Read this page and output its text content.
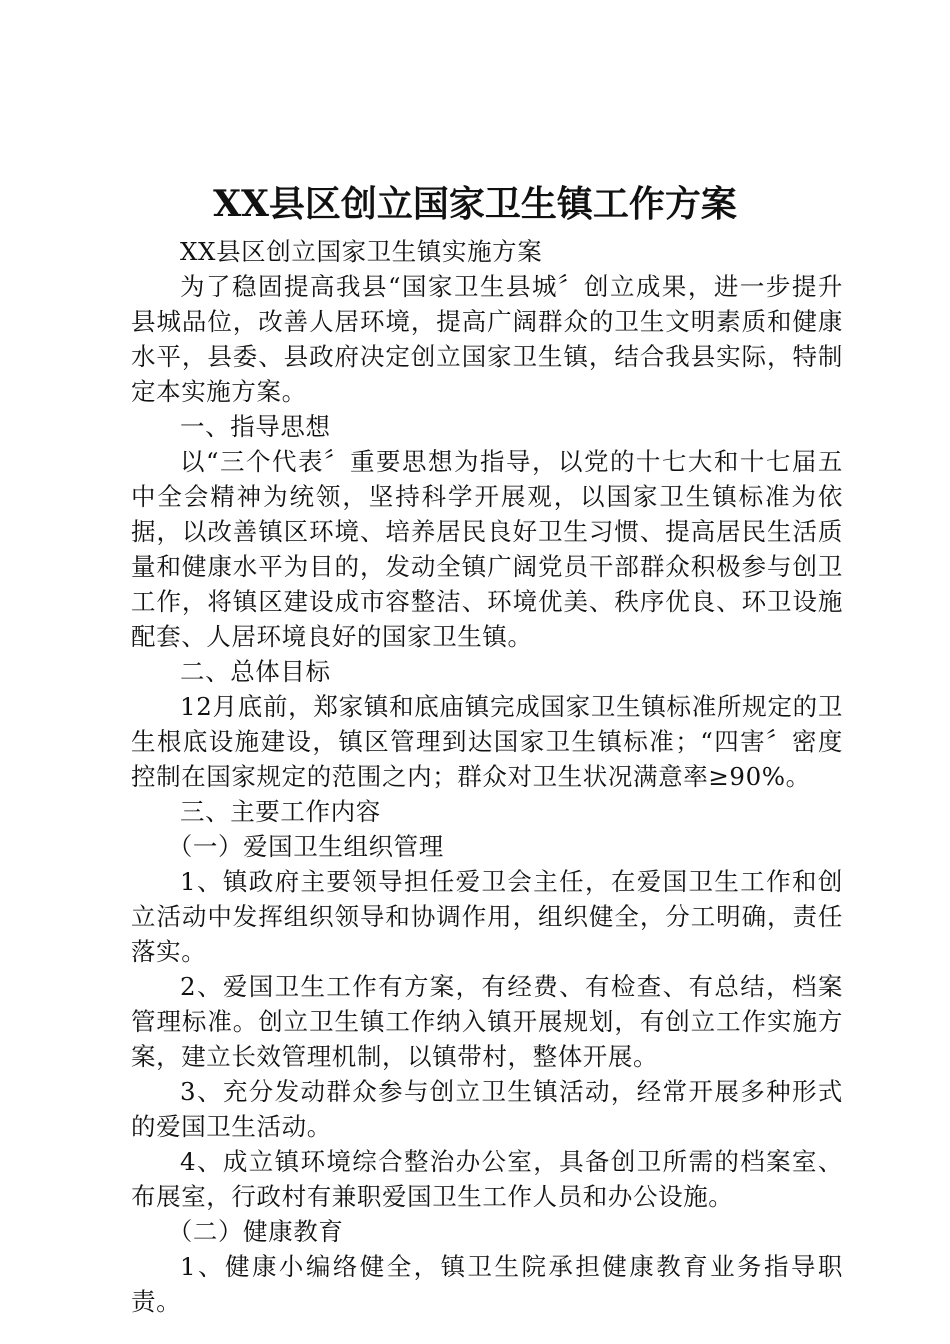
XX县区创立国家卫生镇工作方案

XX县区创立国家卫生镇实施方案

为了稳固提高我县“国家卫生县城〞创立成果，进一步提升县城品位，改善人居环境，提高广阔群众的卫生文明素质和健康水平，县委、县政府决定创立国家卫生镇，结合我县实际，特制定本实施方案。

一、指导思想

以“三个代表〞重要思想为指导，以党的十七大和十七届五中全会精神为统领，坚持科学开展观，以国家卫生镇标准为依据，以改善镇区环境、培养居民良好卫生习惯、提高居民生活质量和健康水平为目的，发动全镇广阔党员干部群众积极参与创卫工作，将镇区建设成市容整洁、环境优美、秩序优良、环卫设施配套、人居环境良好的国家卫生镇。

二、总体目标

12月底前，郑家镇和底庙镇完成国家卫生镇标准所规定的卫生根底设施建设，镇区管理到达国家卫生镇标准；“四害〞密度控制在国家规定的范围之内；群众对卫生状况满意率≥90%。

三、主要工作内容

（一）爱国卫生组织管理

1、镇政府主要领导担任爱卫会主任，在爱国卫生工作和创立活动中发挥组织领导和协调作用，组织健全，分工明确，责任落实。

2、爱国卫生工作有方案，有经费、有检查、有总结，档案管理标准。创立卫生镇工作纳入镇开展规划，有创立工作实施方案，建立长效管理机制，以镇带村，整体开展。

3、充分发动群众参与创立卫生镇活动，经常开展多种形式的爱国卫生活动。

4、成立镇环境综合整治办公室，具备创卫所需的档案室、布展室，行政村有兼职爱国卫生工作人员和办公设施。

（二）健康教育

1、健康小编络健全，镇卫生院承担健康教育业务指导职责。
